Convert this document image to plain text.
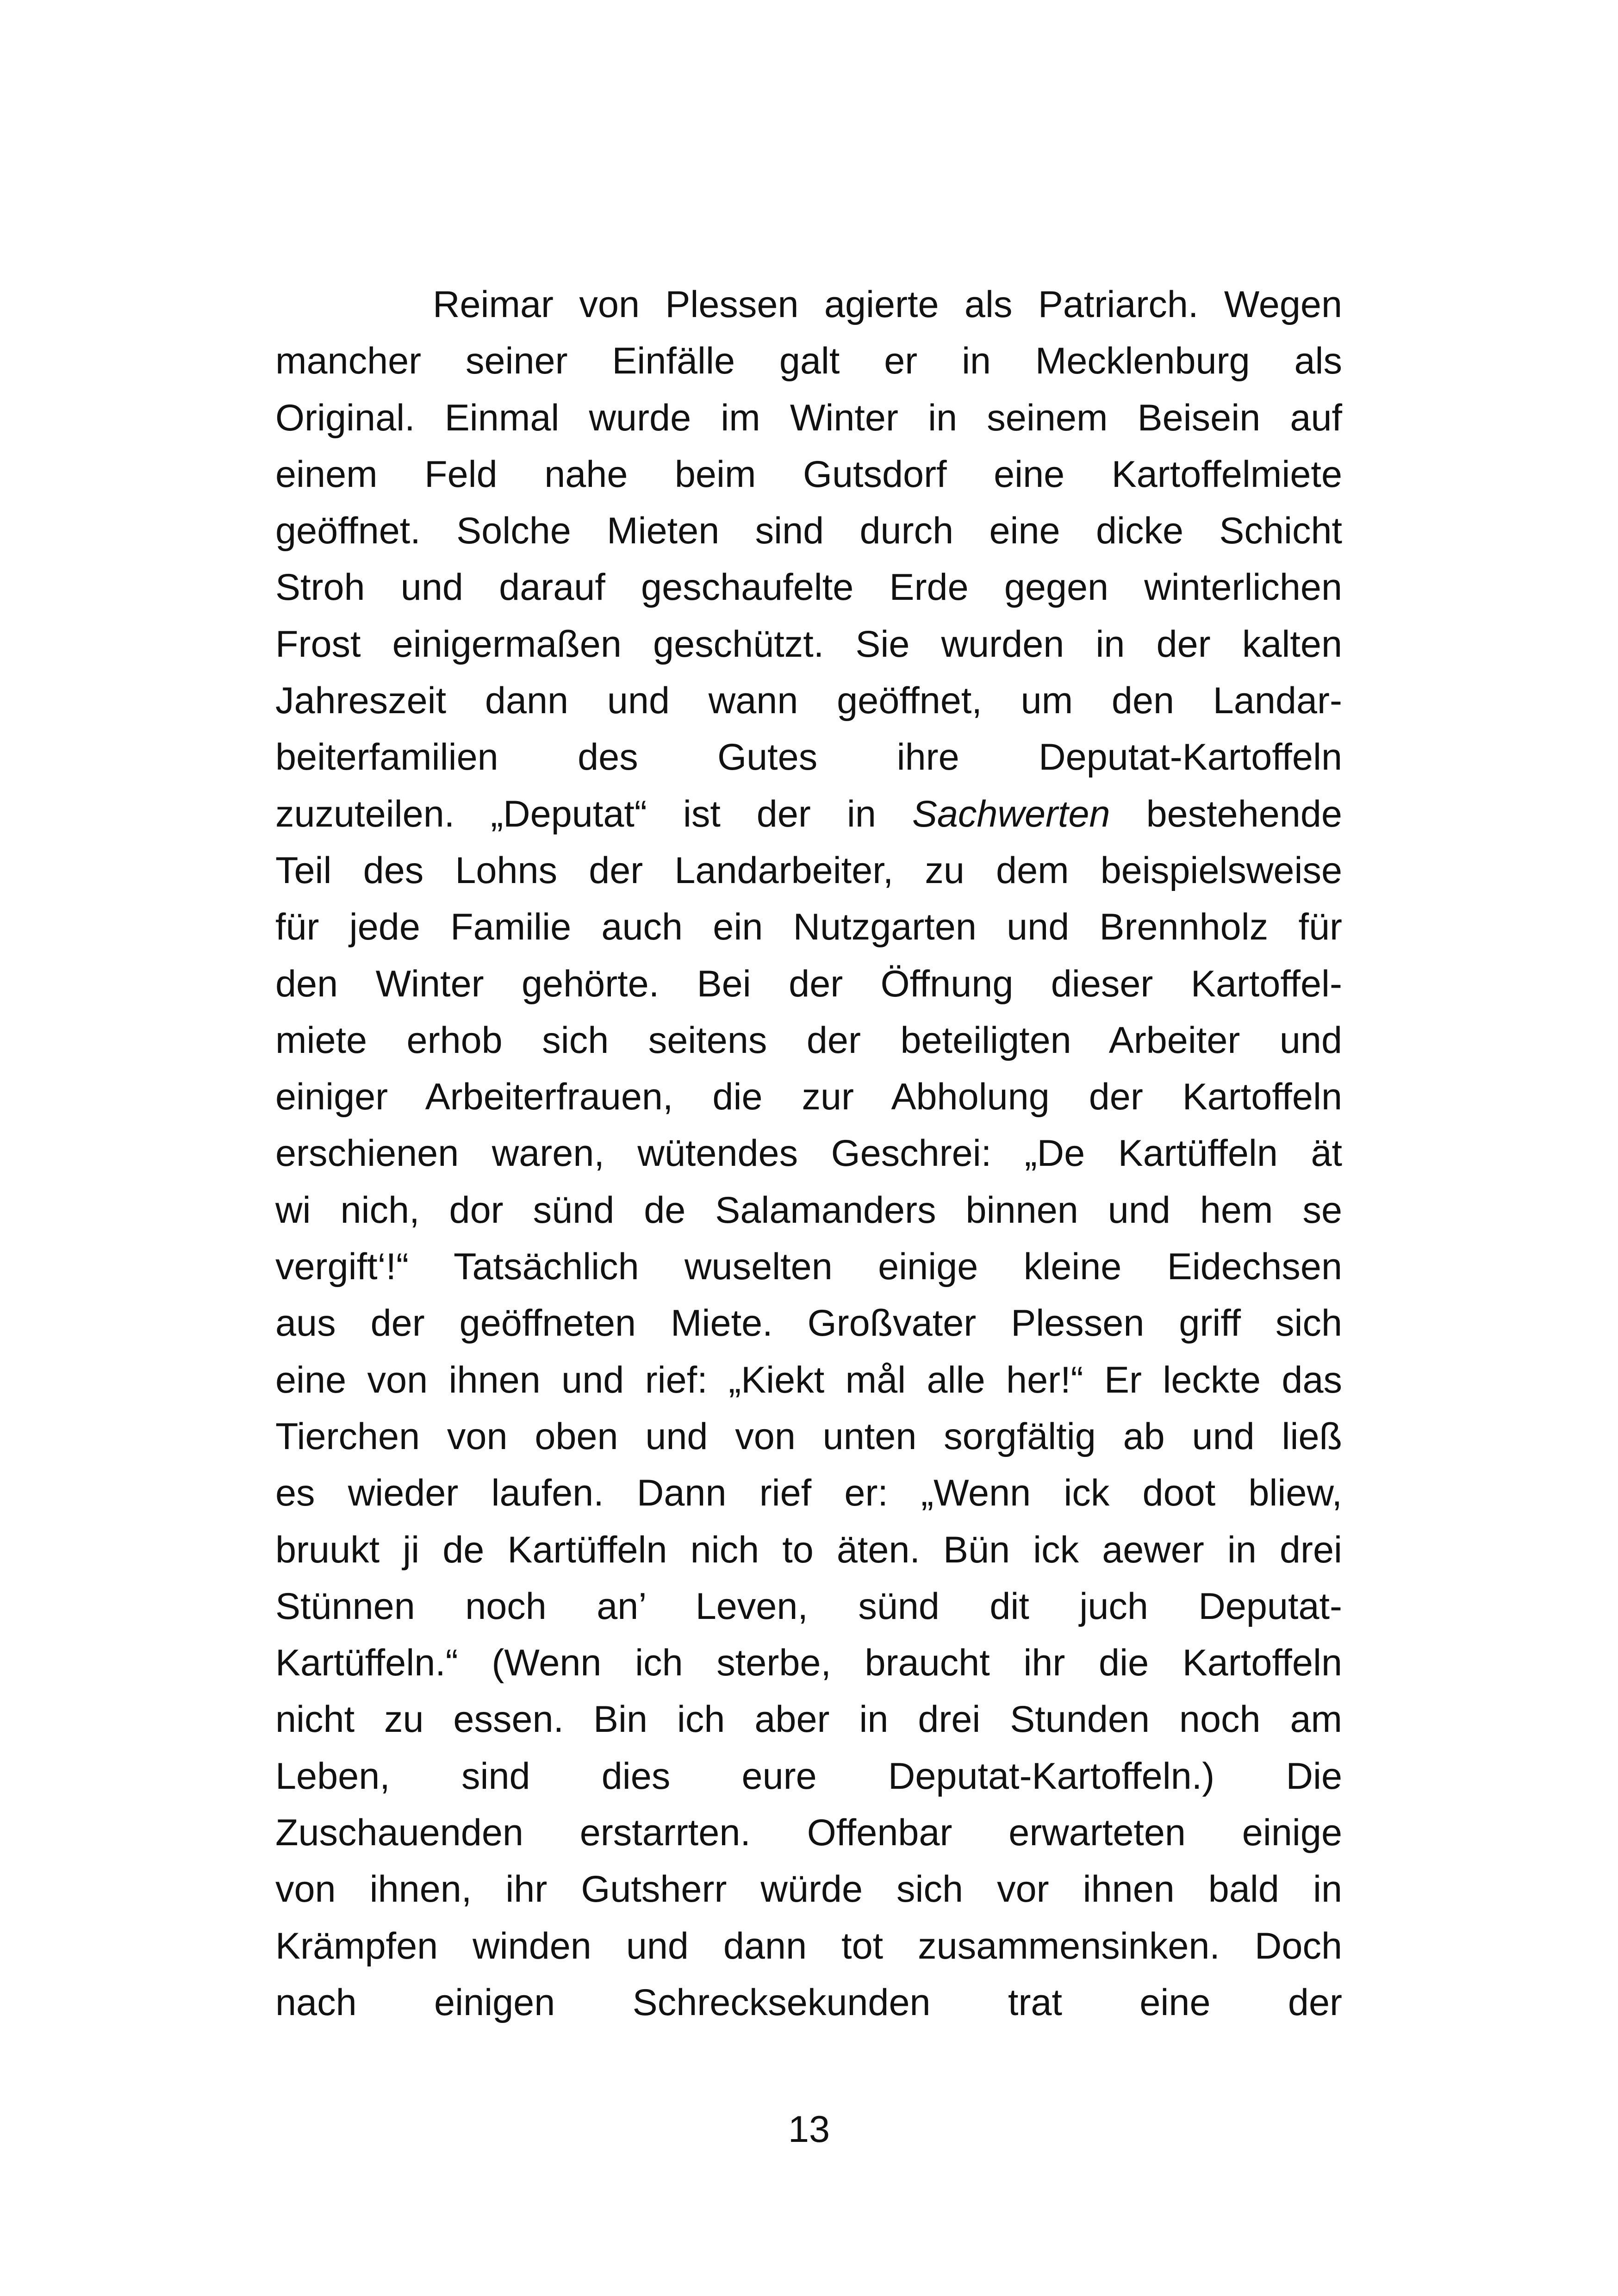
Reimar von Plessen agierte als Patriarch. Wegen
mancher seiner Einfälle galt er in Mecklenburg als
Original. Einmal wurde im Winter in seinem Beisein auf
einem Feld nahe beim Gutsdorf eine Kartoffelmiete
geöffnet. Solche Mieten sind durch eine dicke Schicht
Stroh und darauf geschaufelte Erde gegen winterlichen
Frost einigermaßen geschützt. Sie wurden in der kalten
Jahreszeit dann und wann geöffnet, um den Landar-
beiterfamilien des Gutes ihre Deputat-Kartoffeln
zuzuteilen. „Deputat“ ist der in Sachwerten bestehende
Teil des Lohns der Landarbeiter, zu dem beispielsweise
für jede Familie auch ein Nutzgarten und Brennholz für
den Winter gehörte. Bei der Öffnung dieser Kartoffel-
miete erhob sich seitens der beteiligten Arbeiter und
einiger Arbeiterfrauen, die zur Abholung der Kartoffeln
erschienen waren, wütendes Geschrei: „De Kartüffeln ät
wi nich, dor sünd de Salamanders binnen und hem se
vergift‘!“ Tatsächlich wuselten einige kleine Eidechsen
aus der geöffneten Miete. Großvater Plessen griff sich
eine von ihnen und rief: „Kiekt mål alle her!“ Er leckte das
Tierchen von oben und von unten sorgfältig ab und ließ
es wieder laufen. Dann rief er: „Wenn ick doot bliew,
bruukt ji de Kartüffeln nich to äten. Bün ick aewer in drei
Stünnen noch an’ Leven, sünd dit juch Deputat-
Kartüffeln.“ (Wenn ich sterbe, braucht ihr die Kartoffeln
nicht zu essen. Bin ich aber in drei Stunden noch am
Leben, sind dies eure Deputat-Kartoffeln.) Die
Zuschauenden erstarrten. Offenbar erwarteten einige
von ihnen, ihr Gutsherr würde sich vor ihnen bald in
Krämpfen winden und dann tot zusammensinken. Doch
nach einigen Schrecksekunden trat eine der
13
